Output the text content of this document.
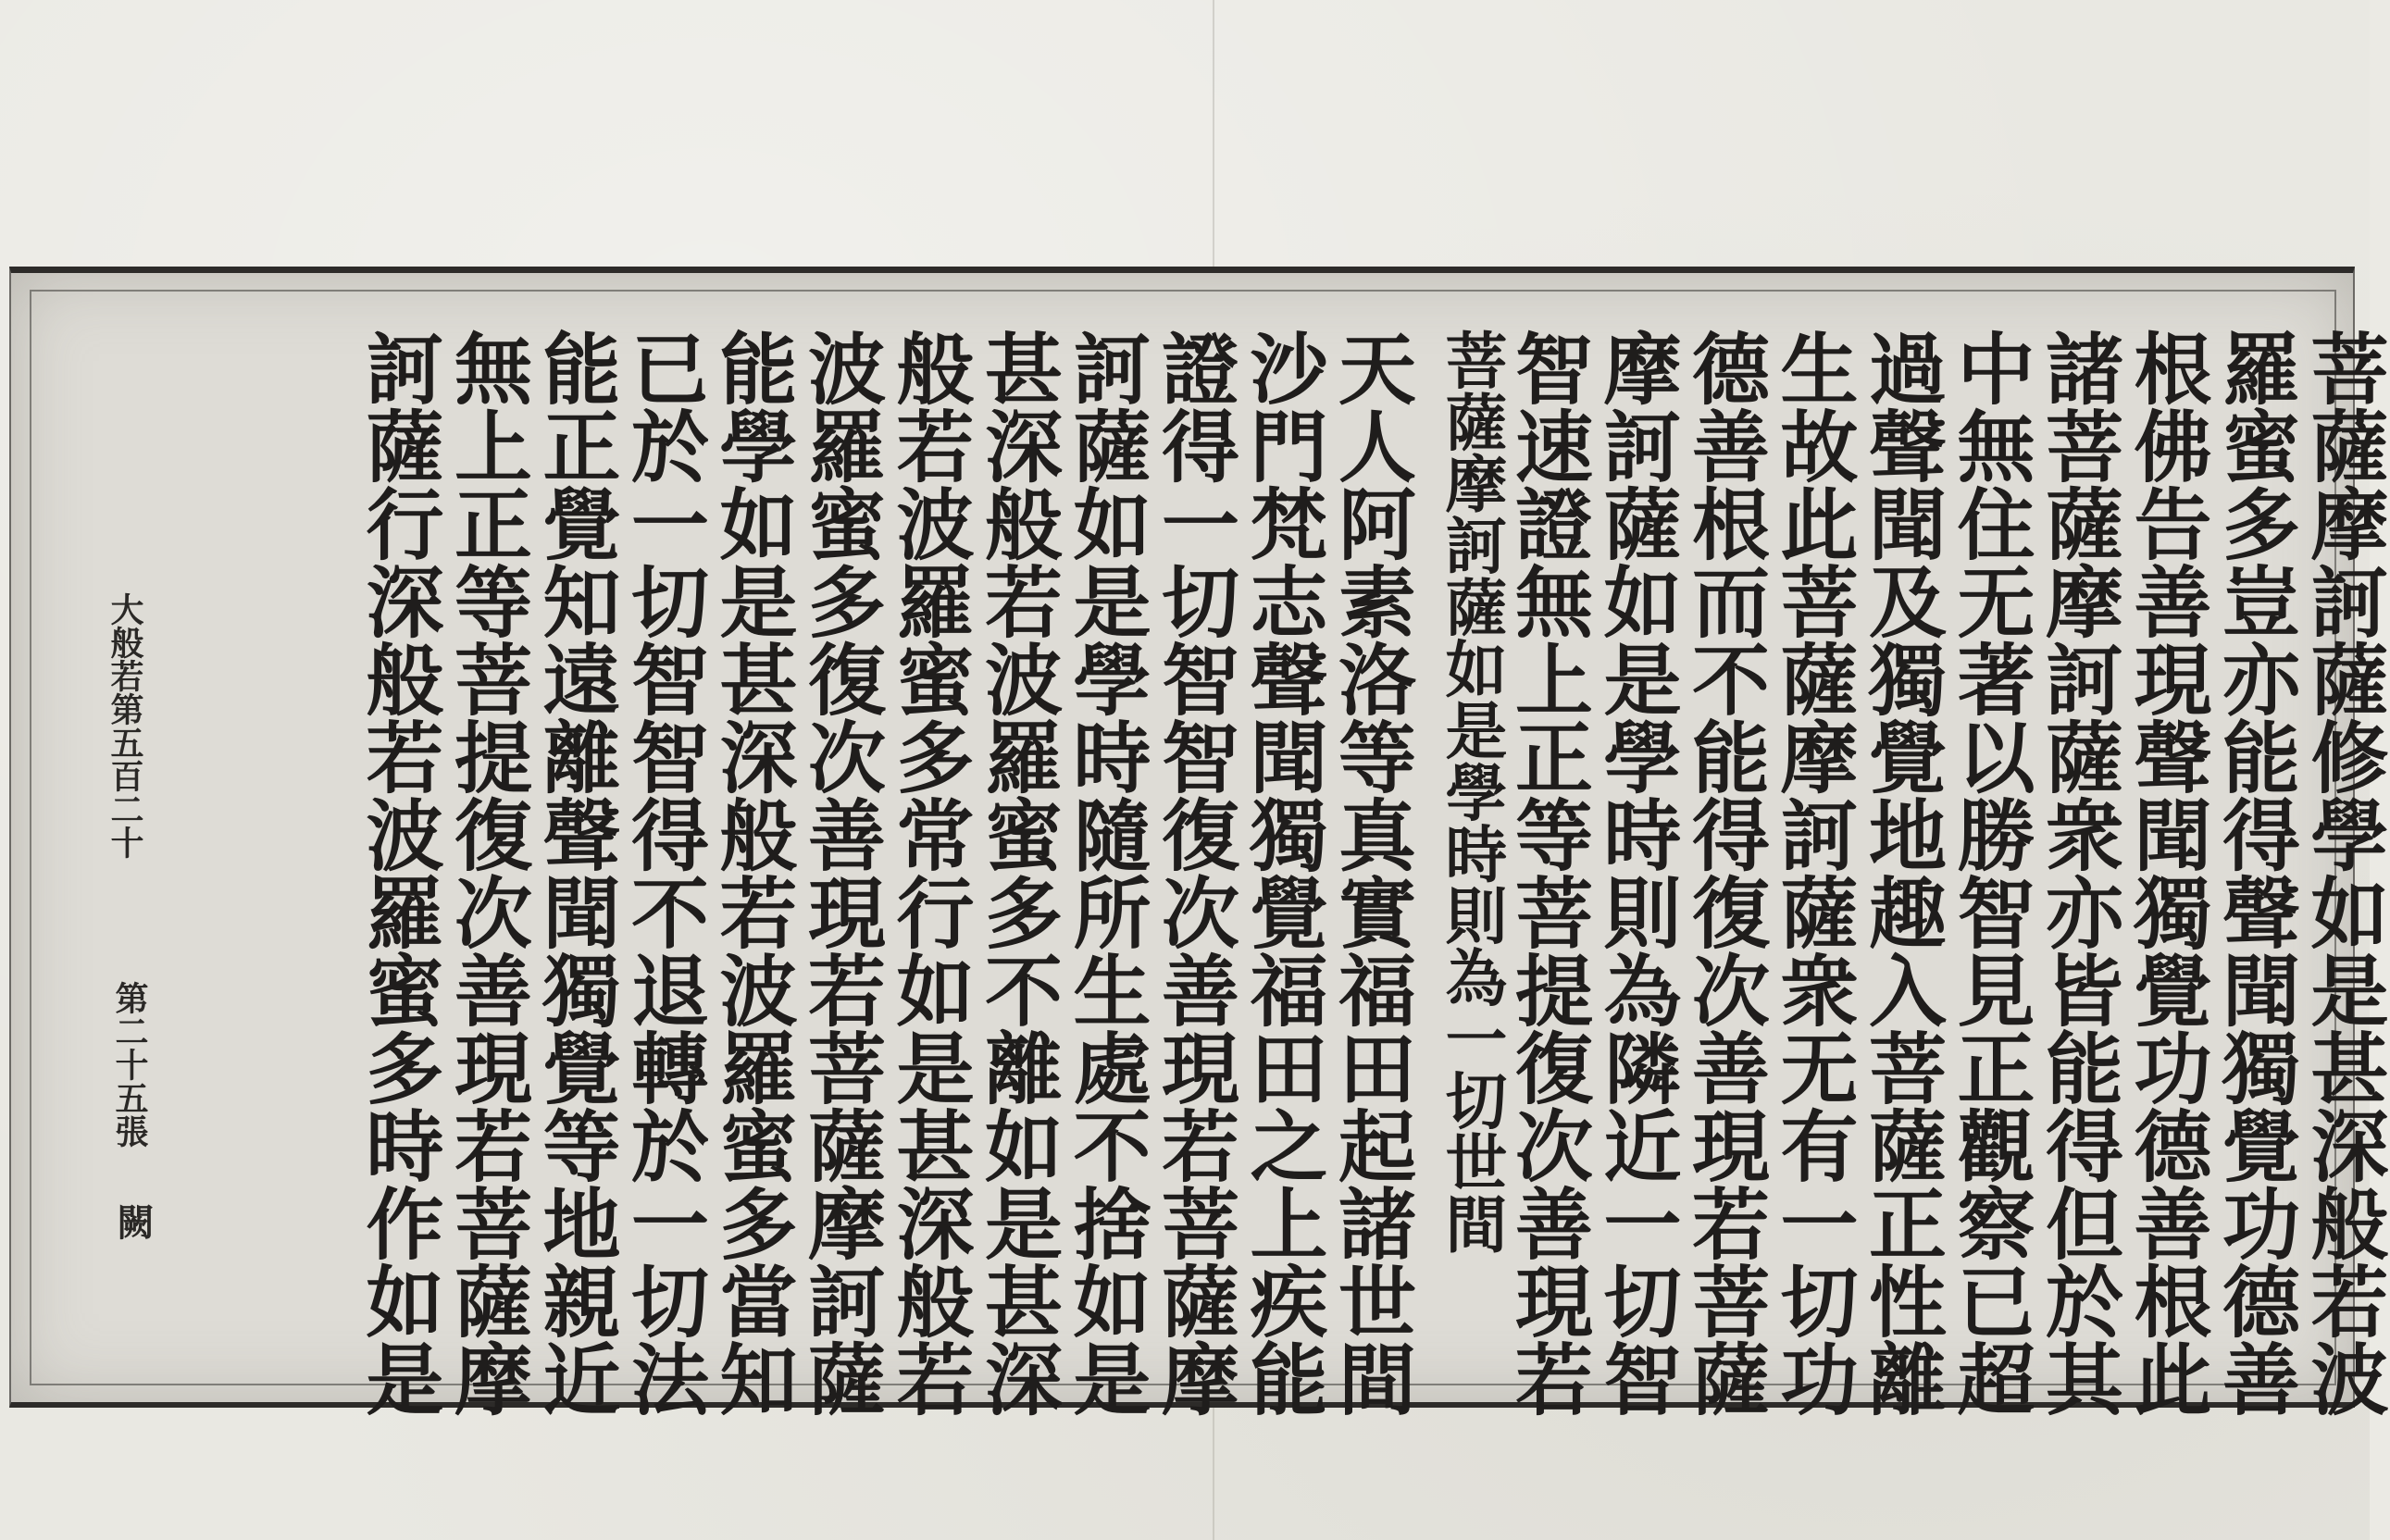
菩薩摩訶薩修學如是甚深般若波
羅蜜多豈亦能得聲聞獨覺功德善
根佛告善現聲聞獨覺功德善根此
諸菩薩摩訶薩衆亦皆能得但於其
中無住无著以勝智見正觀察已超
過聲聞及獨覺地趣入菩薩正性離
生故此菩薩摩訶薩衆无有一切功
德善根而不能得復次善現若菩薩
摩訶薩如是學時則為隣近一切智
智速證無上正等菩提復次善現若
菩薩摩訶薩如是學時則為一切世間
天人阿素洛等真實福田起諸世間
沙門梵志聲聞獨覺福田之上疾能
證得一切智智復次善現若菩薩摩
訶薩如是學時隨所生處不捨如是
甚深般若波羅蜜多不離如是甚深
般若波羅蜜多常行如是甚深般若
波羅蜜多復次善現若菩薩摩訶薩
能學如是甚深般若波羅蜜多當知
已於一切智智得不退轉於一切法
能正覺知遠離聲聞獨覺等地親近
無上正等菩提復次善現若菩薩摩
訶薩行深般若波羅蜜多時作如是
大般若第五百二十
第二十五張
闕
